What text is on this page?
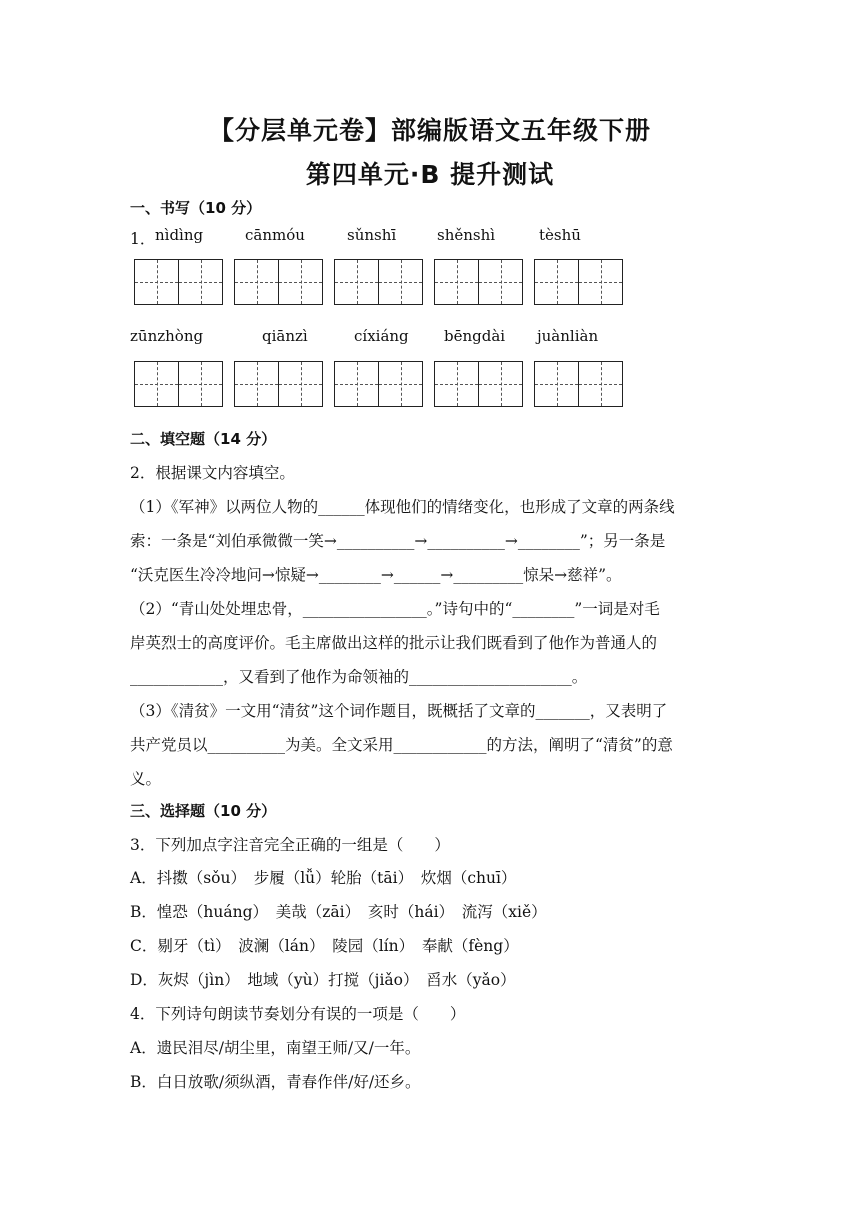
【分层单元卷】部编版语文五年级下册
第四单元·B 提升测试
一、书写（10 分）
1． nìdìng	cānmóu	sǔnshī	shěnshì	tèshū
zūnzhòng	qiānzì	cíxiáng bēngdài juànliàn
二、填空题（14 分）
2．根据课文内容填空。
（1）《军神》以两位人物的______体现他们的情绪变化，也形成了文章的两条线
索：一条是“刘伯承微微一笑→__________→__________→________”；另一条是
“沃克医生冷冷地问→惊疑→________→______→_________惊呆→慈祥”。
（2）“青山处处埋忠骨，________________。”诗句中的“________”一词是对毛
岸英烈士的高度评价。毛主席做出这样的批示让我们既看到了他作为普通人的
____________，又看到了他作为命领袖的_____________________。
（3）《清贫》一文用“清贫”这个词作题目，既概括了文章的_______，又表明了
共产党员以__________为美。全文采用____________的方法，阐明了“清贫”的意
义。
三、选择题（10 分）
3．下列加点字注音完全正确的一组是（　　）
A．抖擞（sǒu）　步履（lǚ）轮胎（tāi）　炊烟（chuī）
B．惶恐（huáng）　美哉（zāi）　亥时（hái）　流泻（xiě）
C．剔牙（tì）　波澜（lán）　陵园（lín）　奉献（fèng）
D．灰烬（jìn）　地域（yù）打搅（jiǎo）　舀水（yǎo）
4．下列诗句朗读节奏划分有误的一项是（　　）
A．遗民泪尽/胡尘里，南望王师/又/一年。
B．白日放歌/须纵酒，青春作伴/好/还乡。
